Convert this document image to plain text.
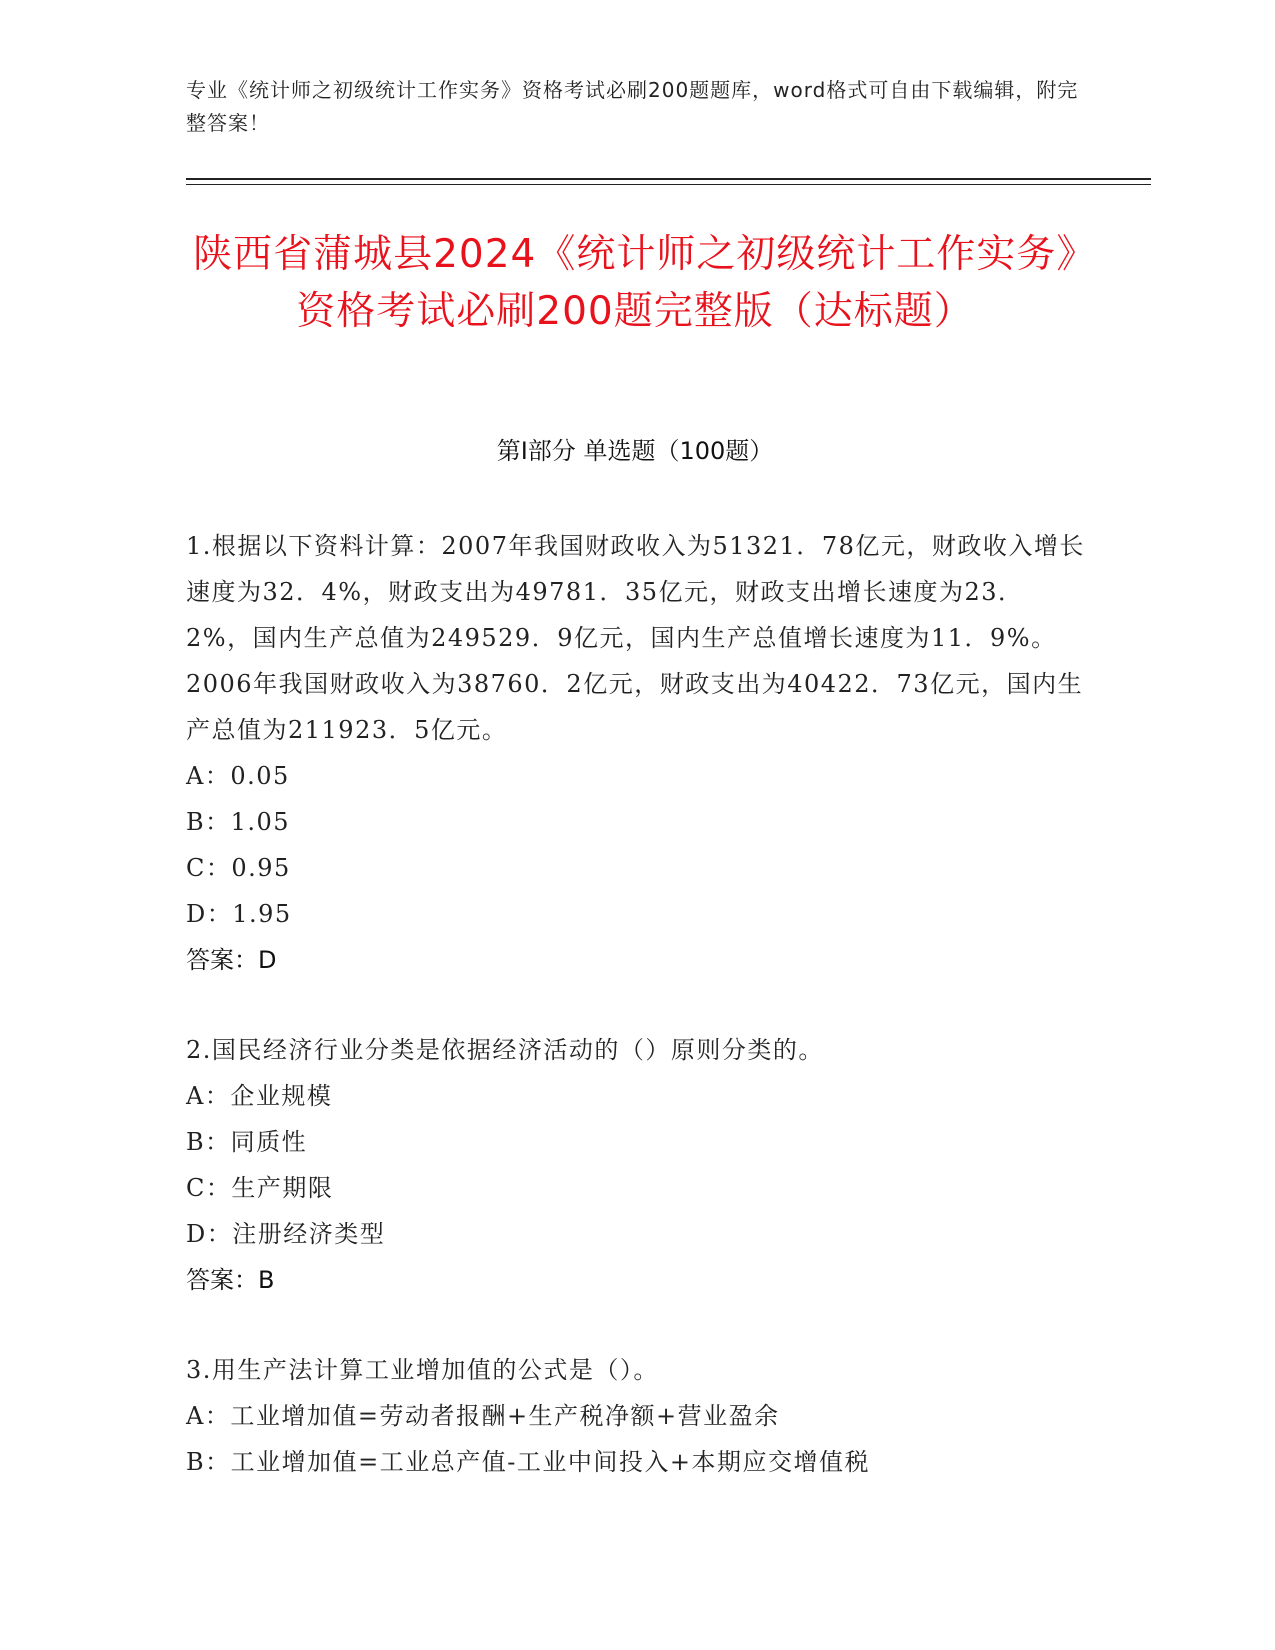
专业《统计师之初级统计工作实务》资格考试必刷200题题库，word格式可自由下载编辑，附完整答案！
陕西省蒲城县2024《统计师之初级统计工作实务》资格考试必刷200题完整版（达标题）
第I部分 单选题（100题）
1.根据以下资料计算：2007年我国财政收入为51321．78亿元，财政收入增长速度为32．4%，财政支出为49781．35亿元，财政支出增长速度为23．2%，国内生产总值为249529．9亿元，国内生产总值增长速度为11．9%。2006年我国财政收入为38760．2亿元，财政支出为40422．73亿元，国内生产总值为211923．5亿元。
A：0.05
B：1.05
C：0.95
D：1.95
答案：D
2.国民经济行业分类是依据经济活动的（）原则分类的。
A：企业规模
B：同质性
C：生产期限
D：注册经济类型
答案：B
3.用生产法计算工业增加值的公式是（）。
A：工业增加值=劳动者报酬+生产税净额+营业盈余
B：工业增加值=工业总产值-工业中间投入+本期应交增值税
